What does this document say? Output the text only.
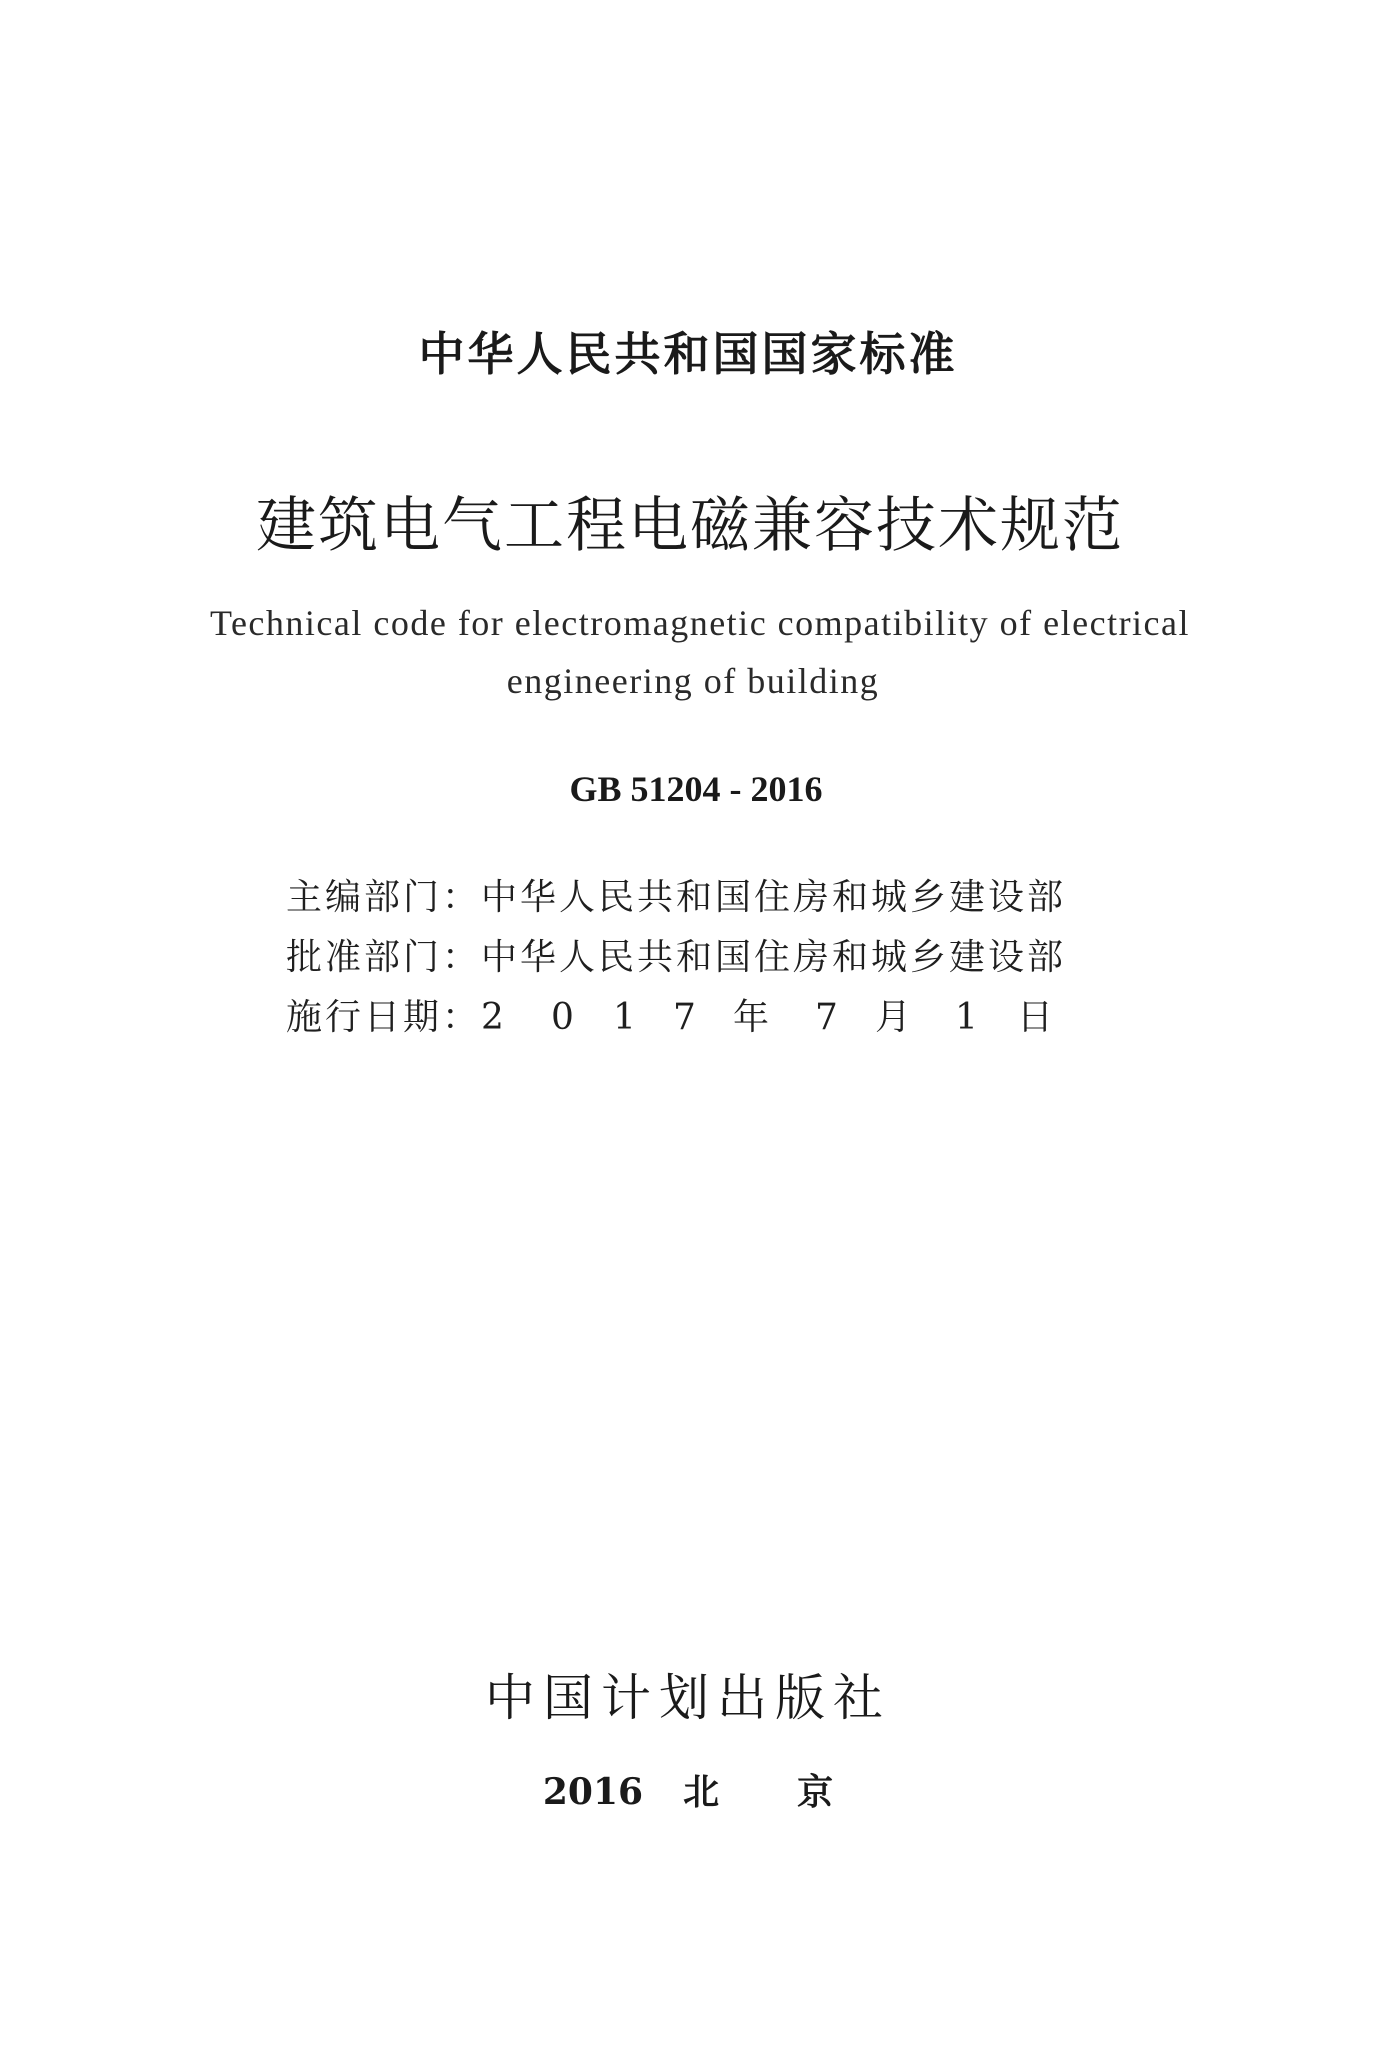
中华人民共和国国家标准
建筑电气工程电磁兼容技术规范
Technical code for electromagnetic compatibility of electrical
engineering of building
GB 51204 - 2016
主编部门：中华人民共和国住房和城乡建设部
批准部门：中华人民共和国住房和城乡建设部
施行日期：2 0 1 7 年 7 月 1 日
中国计划出版社
2016 北 京
